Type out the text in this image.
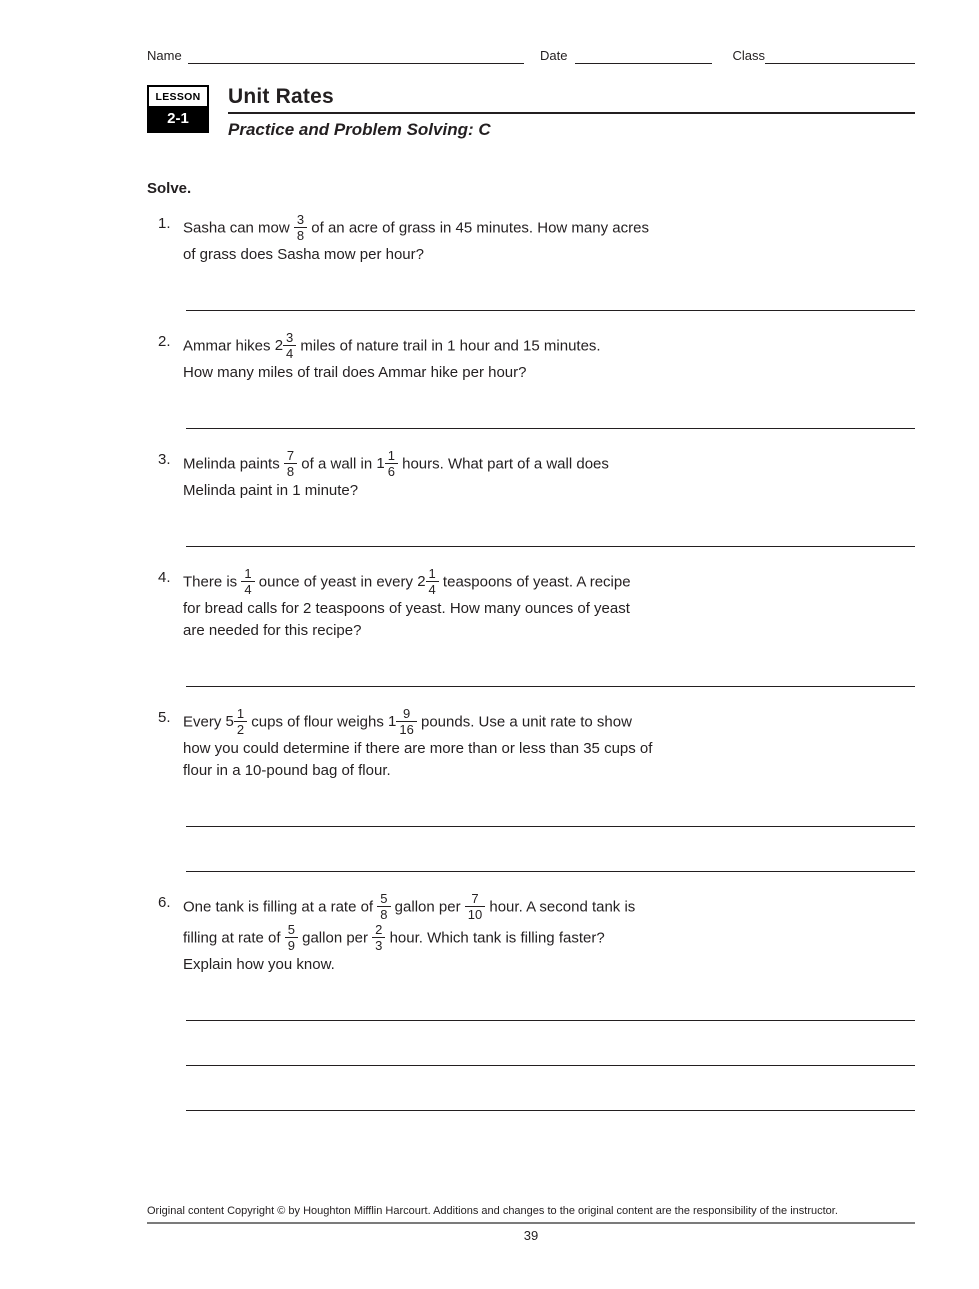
Name	Date	Class
LESSON
2-1
Unit Rates
Practice and Problem Solving: C
Solve.
1. Sasha can mow $\frac{3}{8}$ of an acre of grass in 45 minutes. How many acres
of grass does Sasha mow per hour?
2. Ammar hikes $2 \frac{3}{4}$ miles of nature trail in 1 hour and 15 minutes.
How many miles of trail does Ammar hike per hour?
3. Melinda paints $\frac{7}{8}$ of a wall in $1 \frac{1}{6}$ hours. What part of a wall does
Melinda paint in 1 minute?
4. There is $\frac{1}{4}$ ounce of yeast in every $2 \frac{1}{4}$ teaspoons of yeast. A recipe
for bread calls for 2 teaspoons of yeast. How many ounces of yeast
are needed for this recipe?
5. Every $5 \frac{1}{2}$ cups of flour weighs $1 \frac{9}{16}$ pounds. Use a unit rate to show
how you could determine if there are more than or less than 35 cups of
flour in a 10-pound bag of flour.
6. One tank is filling at a rate of $\frac{5}{8}$ gallon per $\frac{7}{10}$ hour. A second tank is
filling at rate of $\frac{5}{9}$ gallon per $\frac{2}{3}$ hour. Which tank is filling faster?
Explain how you know.
Original content Copyright © by Houghton Mifflin Harcourt. Additions and changes to the original content are the responsibility of the instructor.
39
